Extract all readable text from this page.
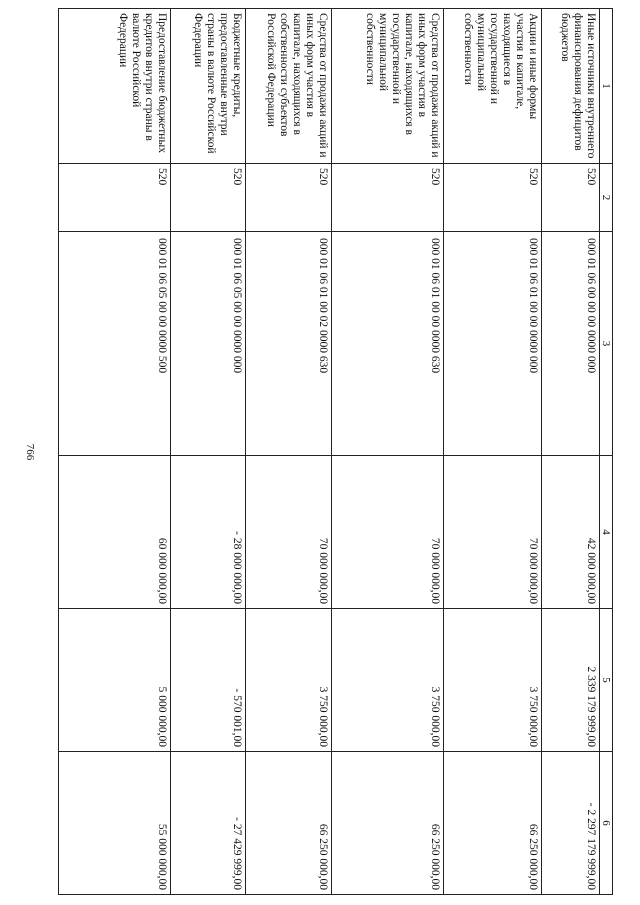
766
1	2	3	4	5	6
Иные источники внутреннего финансирования дефицитов бюджетов	520	000 01 06 00 00 00 0000 000	42 000 000,00	2 339 179 999,00	- 2 297 179 999,00
Акции и иные формы участия в капитале, находящиеся в государственной и муниципальной собственности	520	000 01 06 01 00 00 0000 000	70 000 000,00	3 750 000,00	66 250 000,00
Средства от продажи акций и иных форм участия в капитале, находящихся в государственной и муниципальной собственности	520	000 01 06 01 00 00 0000 630	70 000 000,00	3 750 000,00	66 250 000,00
Средства от продажи акций и иных форм участия в капитале, находящихся в собственности субъектов Российской Федерации	520	000 01 06 01 00 02 0000 630	70 000 000,00	3 750 000,00	66 250 000,00
Бюджетные кредиты, предоставленные внутри страны в валюте Российской Федерации	520	000 01 06 05 00 00 0000 000	- 28 000 000,00	- 570 001,00	- 27 429 999,00
Предоставление бюджетных кредитов внутри страны в валюте Российской Федерации	520	000 01 06 05 00 00 0000 500	60 000 000,00	5 000 000,00	55 000 000,00
